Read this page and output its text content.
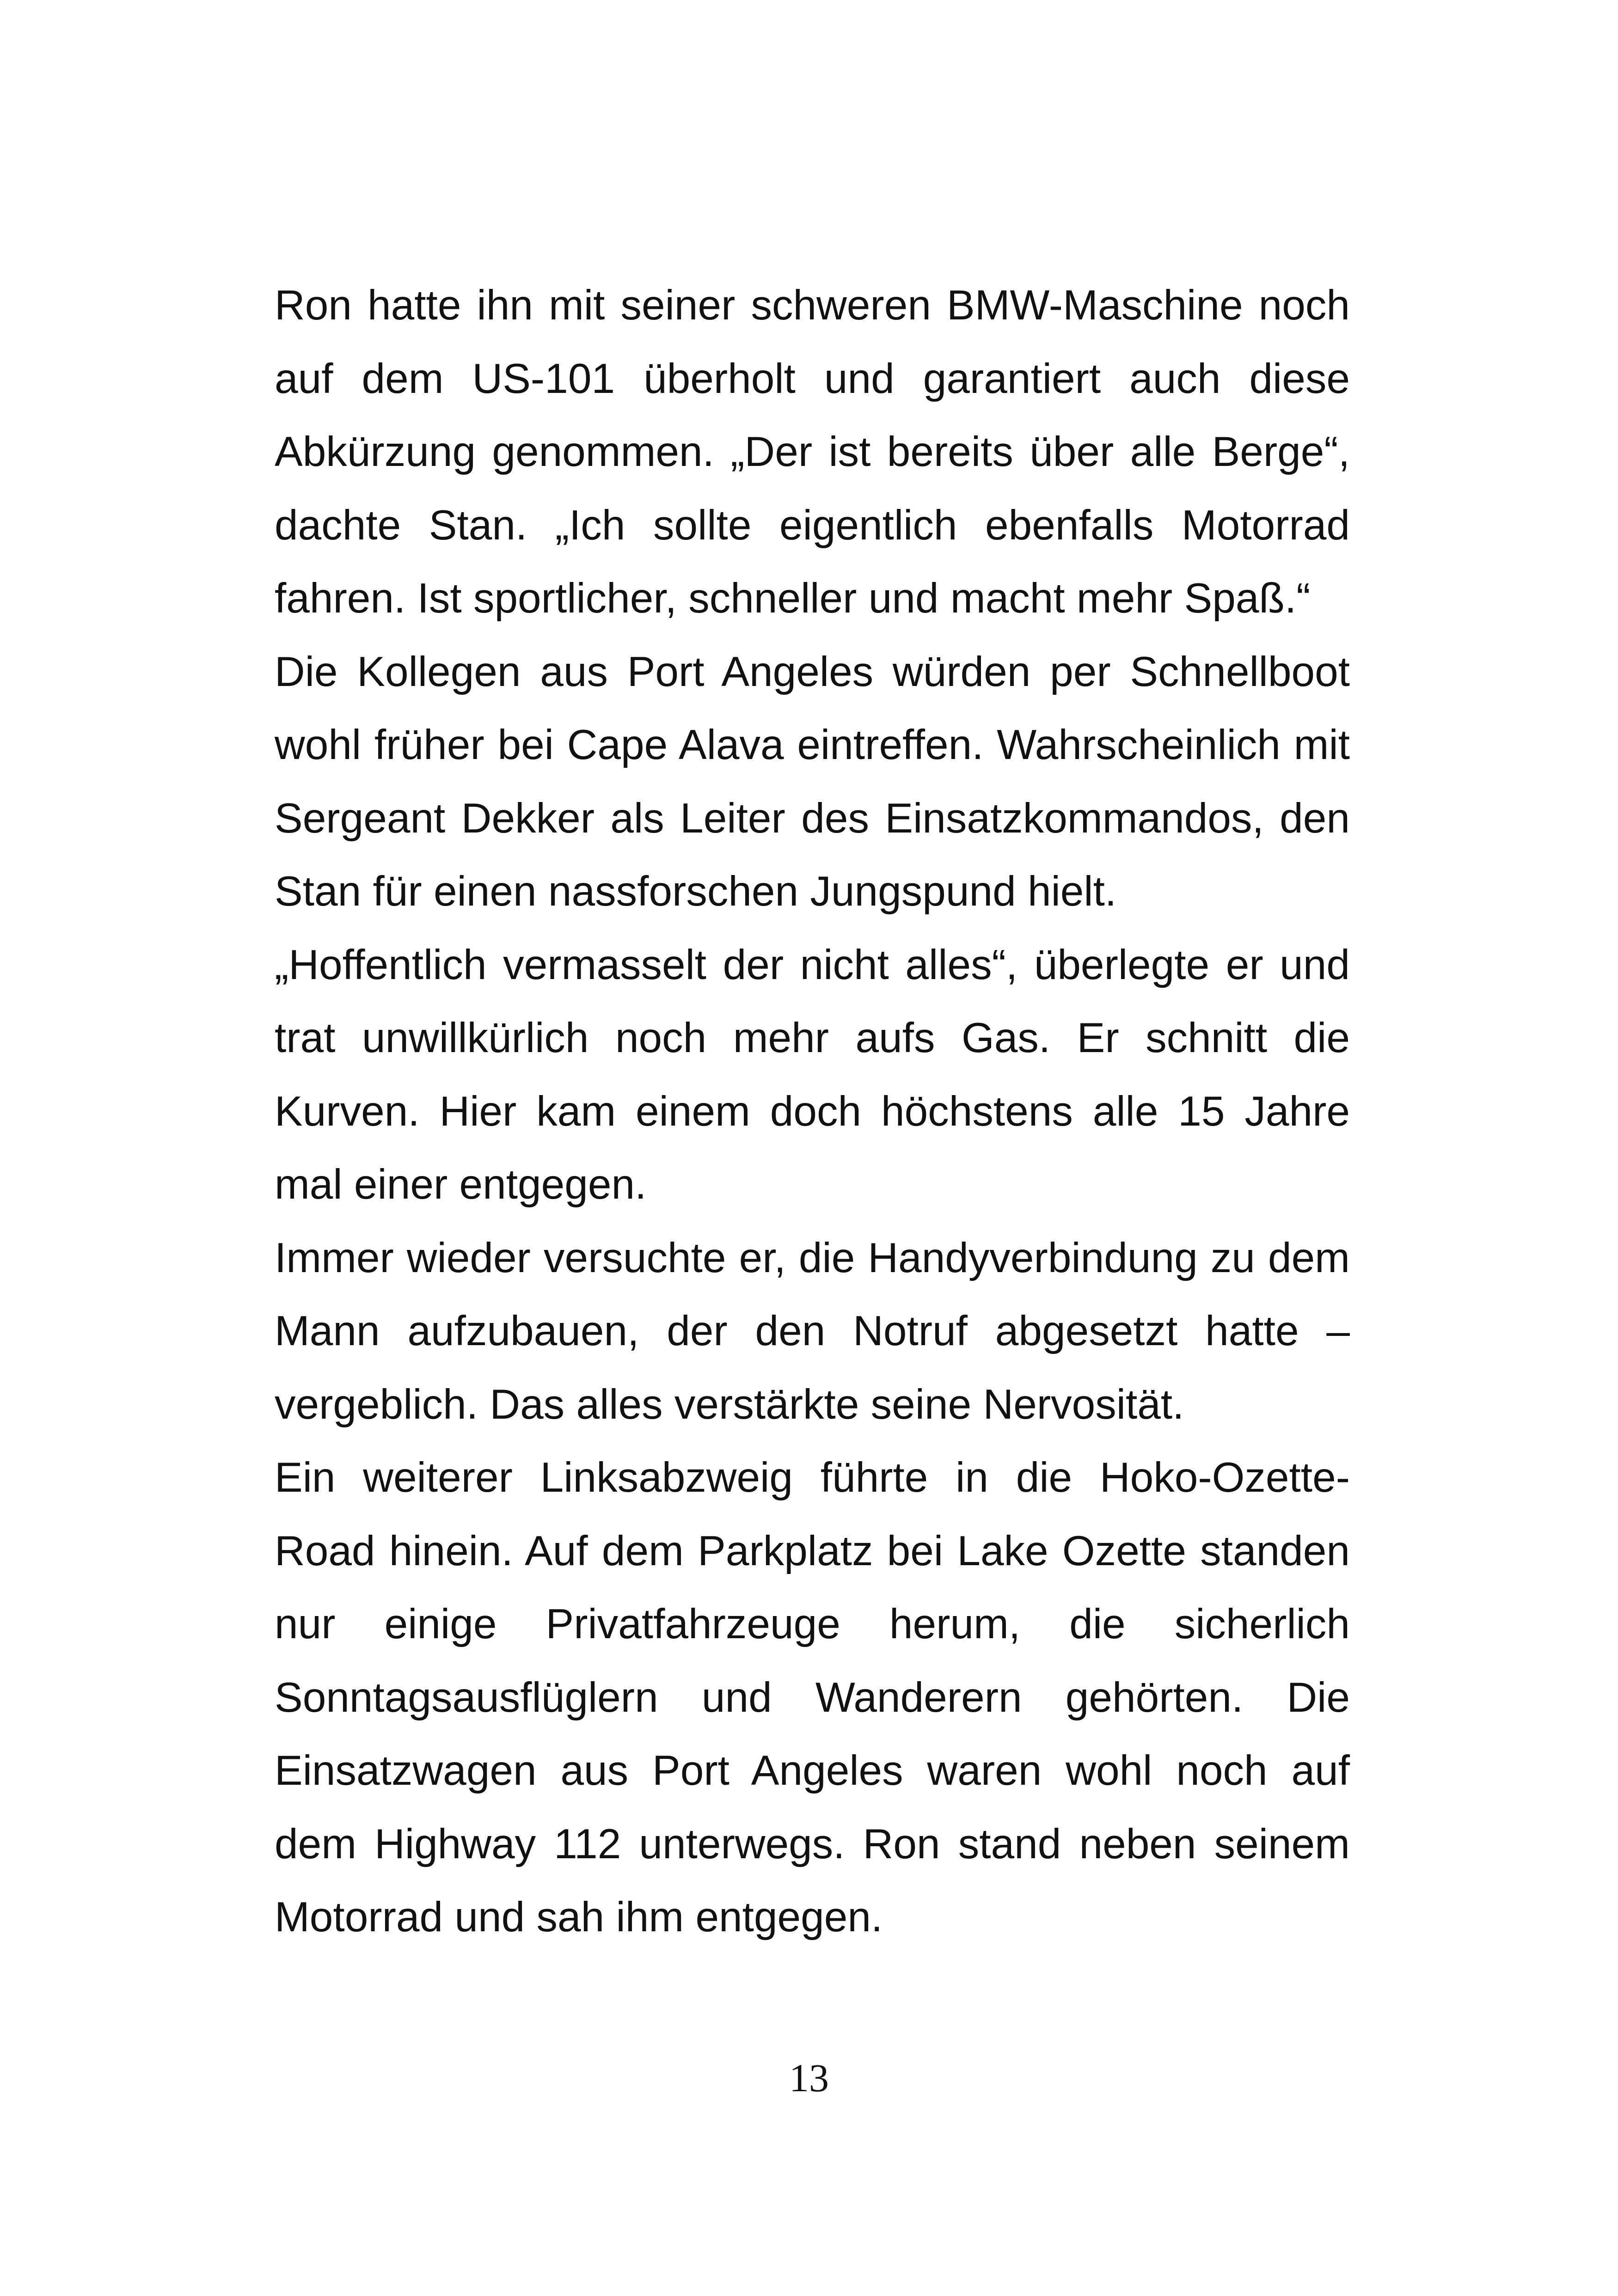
Ron hatte ihn mit seiner schweren BMW-Maschine noch auf dem US-101 überholt und garantiert auch diese Abkürzung genommen. „Der ist bereits über alle Berge“, dachte Stan. „Ich sollte eigentlich ebenfalls Motorrad fahren. Ist sportlicher, schneller und macht mehr Spaß.“

Die Kollegen aus Port Angeles würden per Schnellboot wohl früher bei Cape Alava eintreffen. Wahrscheinlich mit Sergeant Dekker als Leiter des Einsatzkommandos, den Stan für einen nassforschen Jungspund hielt.

„Hoffentlich vermasselt der nicht alles“, überlegte er und trat unwillkürlich noch mehr aufs Gas. Er schnitt die Kurven. Hier kam einem doch höchstens alle 15 Jahre mal einer entgegen.

Immer wieder versuchte er, die Handyverbindung zu dem Mann aufzubauen, der den Notruf abgesetzt hatte – vergeblich. Das alles verstärkte seine Nervosität.

Ein weiterer Linksabzweig führte in die Hoko-Ozette-Road hinein. Auf dem Parkplatz bei Lake Ozette standen nur einige Privatfahrzeuge herum, die sicherlich Sonntagsausflüglern und Wanderern gehörten. Die Einsatzwagen aus Port Angeles waren wohl noch auf dem Highway 112 unterwegs. Ron stand neben seinem Motorrad und sah ihm entgegen.

13
